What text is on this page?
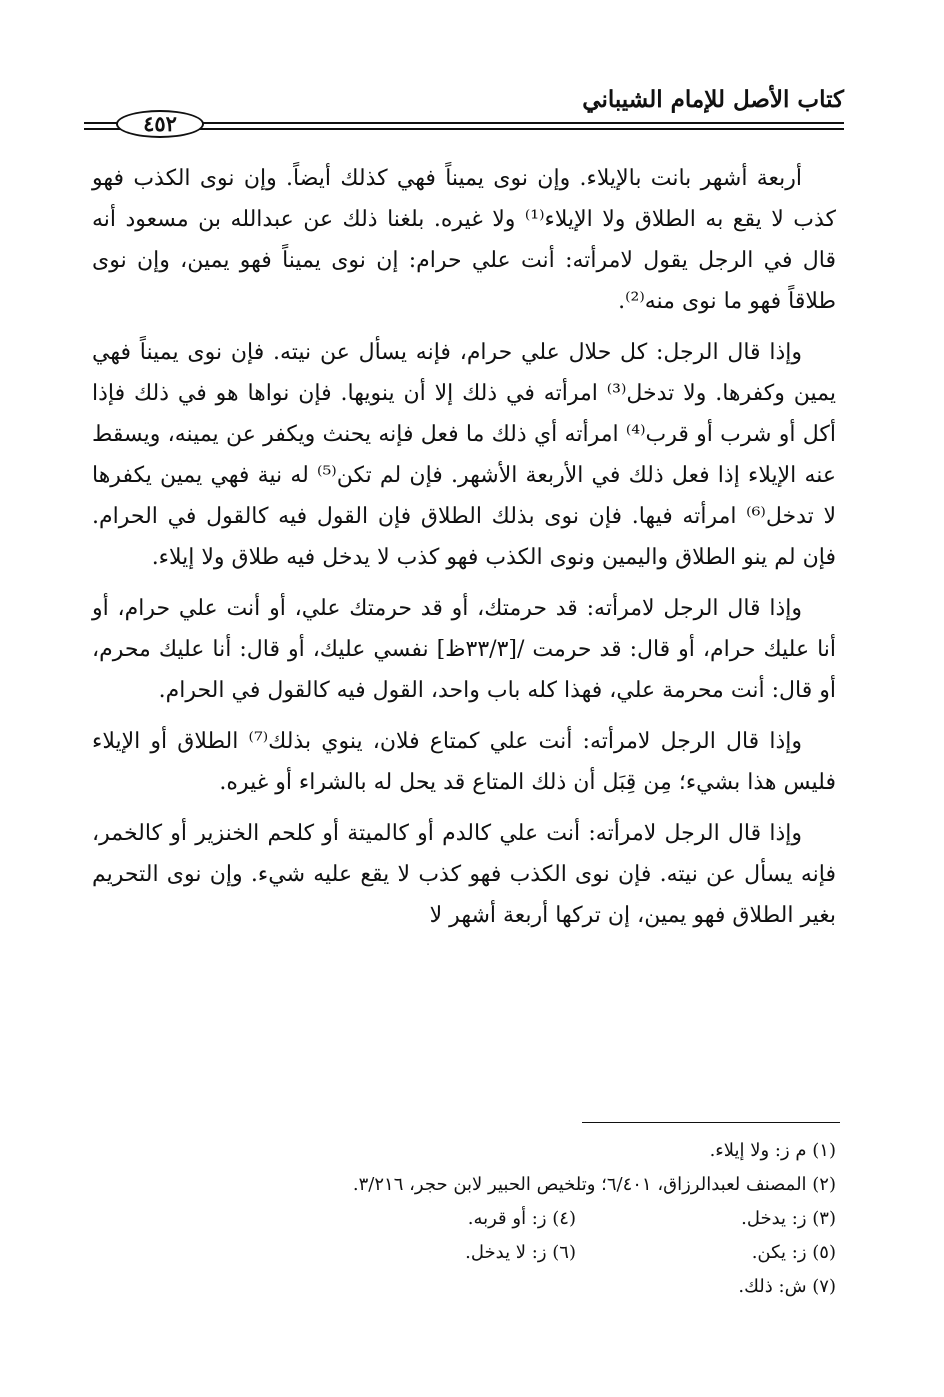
كتاب الأصل للإمام الشيباني
٤٥٢

أربعة أشهر بانت بالإيلاء. وإن نوى يميناً فهي كذلك أيضاً. وإن نوى الكذب فهو كذب لا يقع به الطلاق ولا الإيلاء⁽¹⁾ ولا غيره. بلغنا ذلك عن عبدالله بن مسعود أنه قال في الرجل يقول لامرأته: أنت علي حرام: إن نوى يميناً فهو يمين، وإن نوى طلاقاً فهو ما نوى منه⁽²⁾.

وإذا قال الرجل: كل حلال علي حرام، فإنه يسأل عن نيته. فإن نوى يميناً فهي يمين وكفرها. ولا تدخل⁽³⁾ امرأته في ذلك إلا أن ينويها. فإن نواها هو في ذلك فإذا أكل أو شرب أو قرب⁽⁴⁾ امرأته أي ذلك ما فعل فإنه يحنث ويكفر عن يمينه، ويسقط عنه الإيلاء إذا فعل ذلك في الأربعة الأشهر. فإن لم تكن⁽⁵⁾ له نية فهي يمين يكفرها لا تدخل⁽⁶⁾ امرأته فيها. فإن نوى بذلك الطلاق فإن القول فيه كالقول في الحرام. فإن لم ينو الطلاق واليمين ونوى الكذب فهو كذب لا يدخل فيه طلاق ولا إيلاء.

وإذا قال الرجل لامرأته: قد حرمتك، أو قد حرمتك علي، أو أنت علي حرام، أو أنا عليك حرام، أو قال: قد حرمت /[٣٣/٣ظ] نفسي عليك، أو قال: أنا عليك محرم، أو قال: أنت محرمة علي، فهذا كله باب واحد، القول فيه كالقول في الحرام.

وإذا قال الرجل لامرأته: أنت علي كمتاع فلان، ينوي بذلك⁽⁷⁾ الطلاق أو الإيلاء فليس هذا بشيء؛ مِن قِبَل أن ذلك المتاع قد يحل له بالشراء أو غيره.

وإذا قال الرجل لامرأته: أنت علي كالدم أو كالميتة أو كلحم الخنزير أو كالخمر، فإنه يسأل عن نيته. فإن نوى الكذب فهو كذب لا يقع عليه شيء. وإن نوى التحريم بغير الطلاق فهو يمين، إن تركها أربعة أشهر لا

(١) م ز: ولا إيلاء.
(٢) المصنف لعبدالرزاق، ٦/٤٠١؛ وتلخيص الحبير لابن حجر، ٣/٢١٦.
(٣) ز: يدخل.(٤) ز: أو قربه.
(٥) ز: يكن.(٦) ز: لا يدخل.
(٧) ش: ذلك.
